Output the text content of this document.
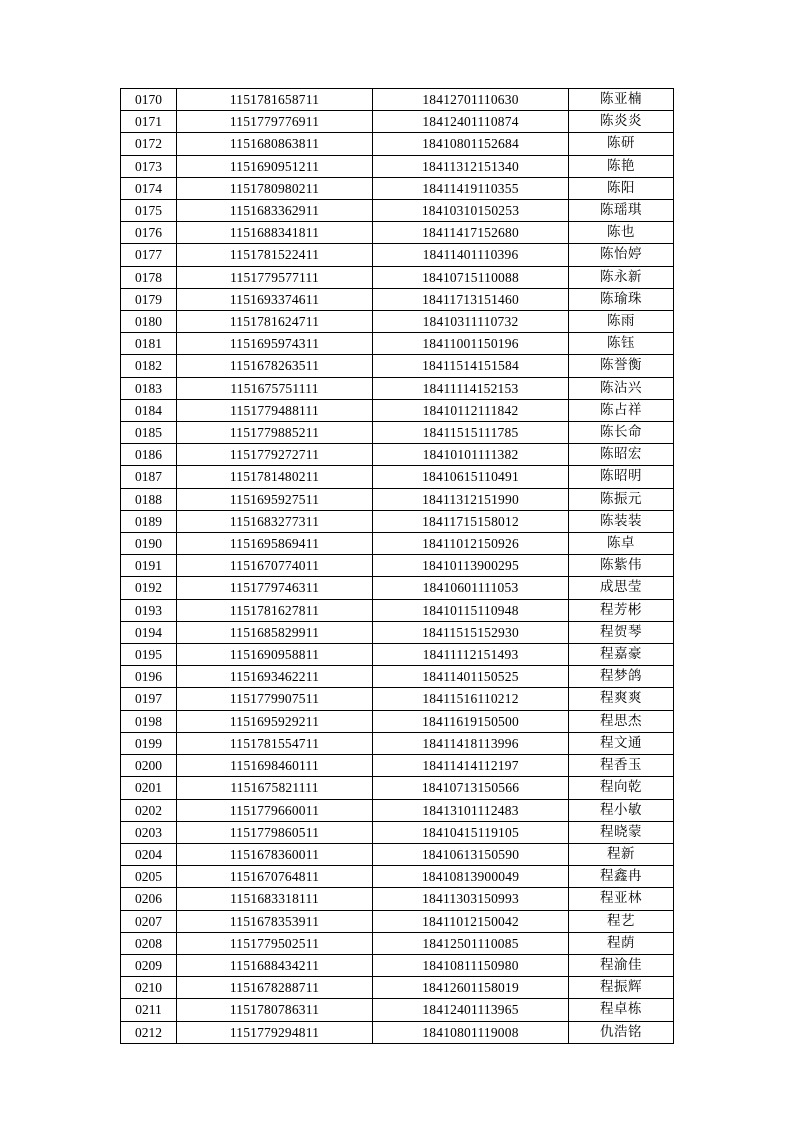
0170	1151781658711	18412701110630	陈亚楠
0171	1151779776911	18412401110874	陈炎炎
0172	1151680863811	18410801152684	陈研
0173	1151690951211	18411312151340	陈艳
0174	1151780980211	18411419110355	陈阳
0175	1151683362911	18410310150253	陈瑶琪
0176	1151688341811	18411417152680	陈也
0177	1151781522411	18411401110396	陈怡婷
0178	1151779577111	18410715110088	陈永新
0179	1151693374611	18411713151460	陈瑜珠
0180	1151781624711	18410311110732	陈雨
0181	1151695974311	18411001150196	陈钰
0182	1151678263511	18411514151584	陈誉衡
0183	1151675751111	18411114152153	陈沾兴
0184	1151779488111	18410112111842	陈占祥
0185	1151779885211	18411515111785	陈长命
0186	1151779272711	18410101111382	陈昭宏
0187	1151781480211	18410615110491	陈昭明
0188	1151695927511	18411312151990	陈振元
0189	1151683277311	18411715158012	陈装装
0190	1151695869411	18411012150926	陈卓
0191	1151670774011	18410113900295	陈紫伟
0192	1151779746311	18410601111053	成思莹
0193	1151781627811	18410115110948	程芳彬
0194	1151685829911	18411515152930	程贺琴
0195	1151690958811	18411112151493	程嘉豪
0196	1151693462211	18411401150525	程梦鸽
0197	1151779907511	18411516110212	程爽爽
0198	1151695929211	18411619150500	程思杰
0199	1151781554711	18411418113996	程文通
0200	1151698460111	18411414112197	程香玉
0201	1151675821111	18410713150566	程向乾
0202	1151779660011	18413101112483	程小敏
0203	1151779860511	18410415119105	程晓蒙
0204	1151678360011	18410613150590	程新
0205	1151670764811	18410813900049	程鑫冉
0206	1151683318111	18411303150993	程亚林
0207	1151678353911	18411012150042	程艺
0208	1151779502511	18412501110085	程荫
0209	1151688434211	18410811150980	程渝佳
0210	1151678288711	18412601158019	程振辉
0211	1151780786311	18412401113965	程卓栋
0212	1151779294811	18410801119008	仇浩铭
